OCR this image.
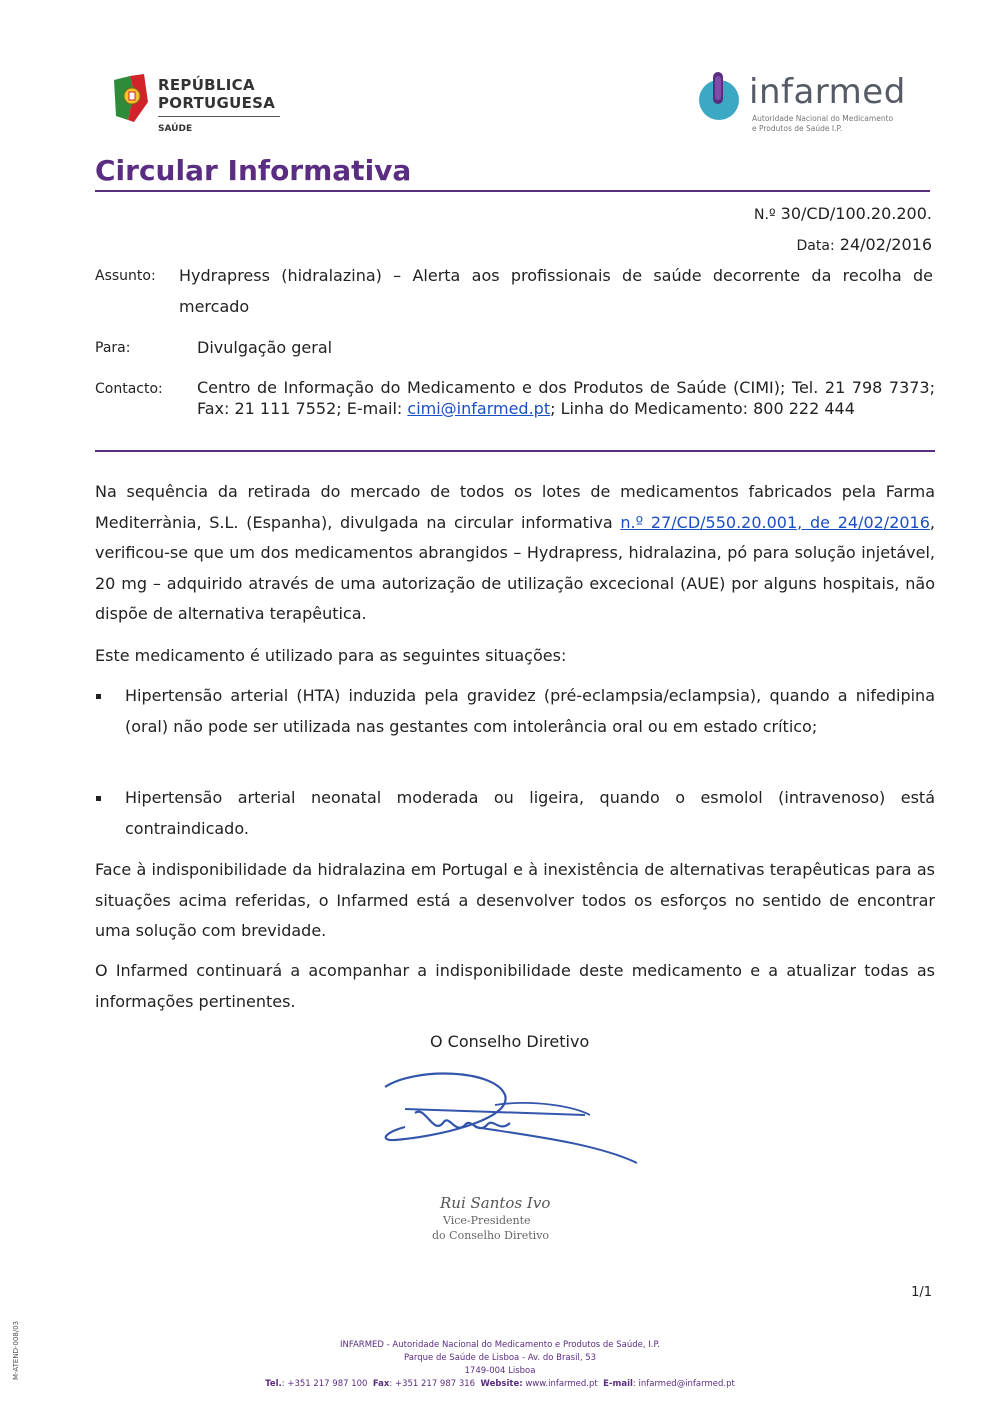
REPÚBLICA
PORTUGUESA
SAÚDE
infarmed
Autoridade Nacional do Medicamento
e Produtos de Saúde I.P.
Circular Informativa
N.º 30/CD/100.20.200.
Data: 24/02/2016
Assunto: Hydrapress (hidralazina) – Alerta aos profissionais de saúde decorrente da recolha de
mercado
Para:	Divulgação geral
Contacto: Centro de Informação do Medicamento e dos Produtos de Saúde (CIMI); Tel. 21 798 7373; Fax: 21 111 7552; E-mail: cimi@infarmed.pt; Linha do Medicamento: 800 222 444
Na sequência da retirada do mercado de todos os lotes de medicamentos fabricados pela Farma Mediterrània, S.L. (Espanha), divulgada na circular informativa n.º 27/CD/550.20.001, de 24/02/2016, verificou-se que um dos medicamentos abrangidos – Hydrapress, hidralazina, pó para solução injetável, 20 mg – adquirido através de uma autorização de utilização excecional (AUE) por alguns hospitais, não dispõe de alternativa terapêutica.
Este medicamento é utilizado para as seguintes situações:
Hipertensão arterial (HTA) induzida pela gravidez (pré-eclampsia/eclampsia), quando a nifedipina (oral) não pode ser utilizada nas gestantes com intolerância oral ou em estado crítico;
Hipertensão arterial neonatal moderada ou ligeira, quando o esmolol (intravenoso) está contraindicado.
Face à indisponibilidade da hidralazina em Portugal e à inexistência de alternativas terapêuticas para as situações acima referidas, o Infarmed está a desenvolver todos os esforços no sentido de encontrar uma solução com brevidade.
O Infarmed continuará a acompanhar a indisponibilidade deste medicamento e a atualizar todas as informações pertinentes.
O Conselho Diretivo
Rui Santos Ivo
Vice-Presidente
do Conselho Diretivo
1/1
INFARMED - Autoridade Nacional do Medicamento e Produtos de Saúde, I.P.
Parque de Saúde de Lisboa - Av. do Brasil, 53
1749-004 Lisboa
Tel.: +351 217 987 100 Fax: +351 217 987 316 Website: www.infarmed.pt E-mail: infarmed@infarmed.pt
M-ATEND-008/03
